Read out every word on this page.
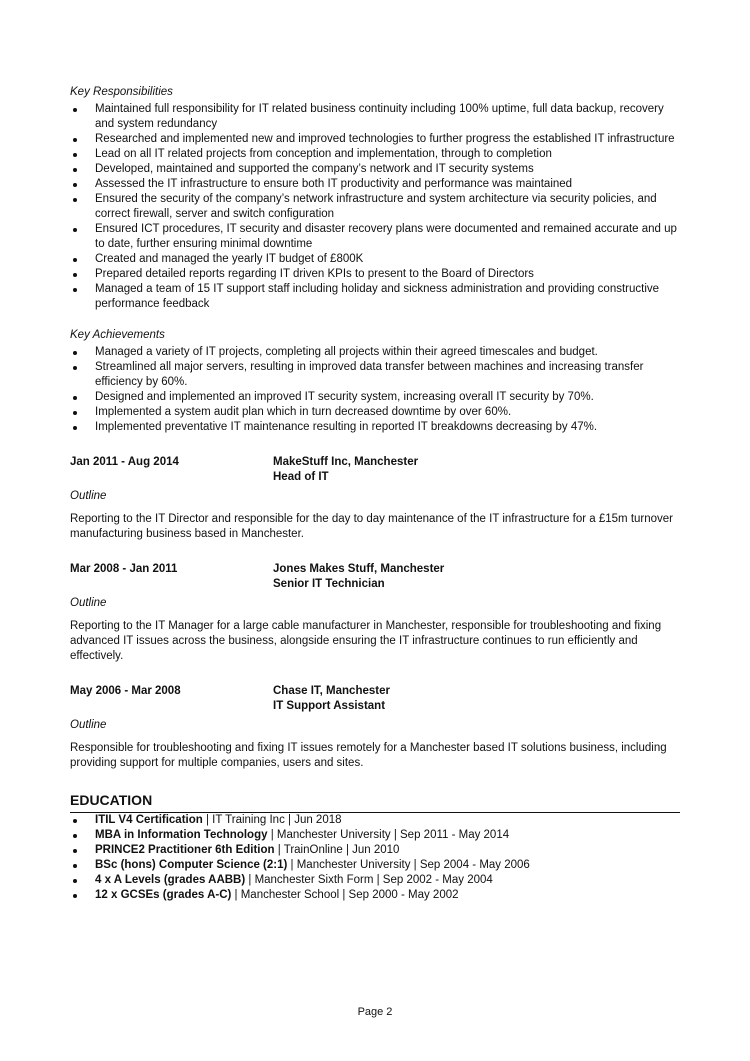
Key Responsibilities
Maintained full responsibility for IT related business continuity including 100% uptime, full data backup, recovery and system redundancy
Researched and implemented new and improved technologies to further progress the established IT infrastructure
Lead on all IT related projects from conception and implementation, through to completion
Developed, maintained and supported the company’s network and IT security systems
Assessed the IT infrastructure to ensure both IT productivity and performance was maintained
Ensured the security of the company’s network infrastructure and system architecture via security policies, and correct firewall, server and switch configuration
Ensured ICT procedures, IT security and disaster recovery plans were documented and remained accurate and up to date, further ensuring minimal downtime
Created and managed the yearly IT budget of £800K
Prepared detailed reports regarding IT driven KPIs to present to the Board of Directors
Managed a team of 15 IT support staff including holiday and sickness administration and providing constructive performance feedback
Key Achievements
Managed a variety of IT projects, completing all projects within their agreed timescales and budget.
Streamlined all major servers, resulting in improved data transfer between machines and increasing transfer efficiency by 60%.
Designed and implemented an improved IT security system, increasing overall IT security by 70%.
Implemented a system audit plan which in turn decreased downtime by over 60%.
Implemented preventative IT maintenance resulting in reported IT breakdowns decreasing by 47%.
Jan 2011 - Aug 2014	MakeStuff Inc, Manchester
Head of IT
Outline
Reporting to the IT Director and responsible for the day to day maintenance of the IT infrastructure for a £15m turnover manufacturing business based in Manchester.
Mar 2008 - Jan 2011	Jones Makes Stuff, Manchester
Senior IT Technician
Outline
Reporting to the IT Manager for a large cable manufacturer in Manchester, responsible for troubleshooting and fixing advanced IT issues across the business, alongside ensuring the IT infrastructure continues to run efficiently and effectively.
May 2006 - Mar 2008	Chase IT, Manchester
IT Support Assistant
Outline
Responsible for troubleshooting and fixing IT issues remotely for a Manchester based IT solutions business, including providing support for multiple companies, users and sites.
EDUCATION
ITIL V4 Certification | IT Training Inc | Jun 2018
MBA in Information Technology | Manchester University | Sep 2011 - May 2014
PRINCE2 Practitioner 6th Edition | TrainOnline | Jun 2010
BSc (hons) Computer Science (2:1) | Manchester University | Sep 2004 - May 2006
4 x A Levels (grades AABB) | Manchester Sixth Form | Sep 2002 - May 2004
12 x GCSEs (grades A-C) | Manchester School | Sep 2000 - May 2002
Page 2
